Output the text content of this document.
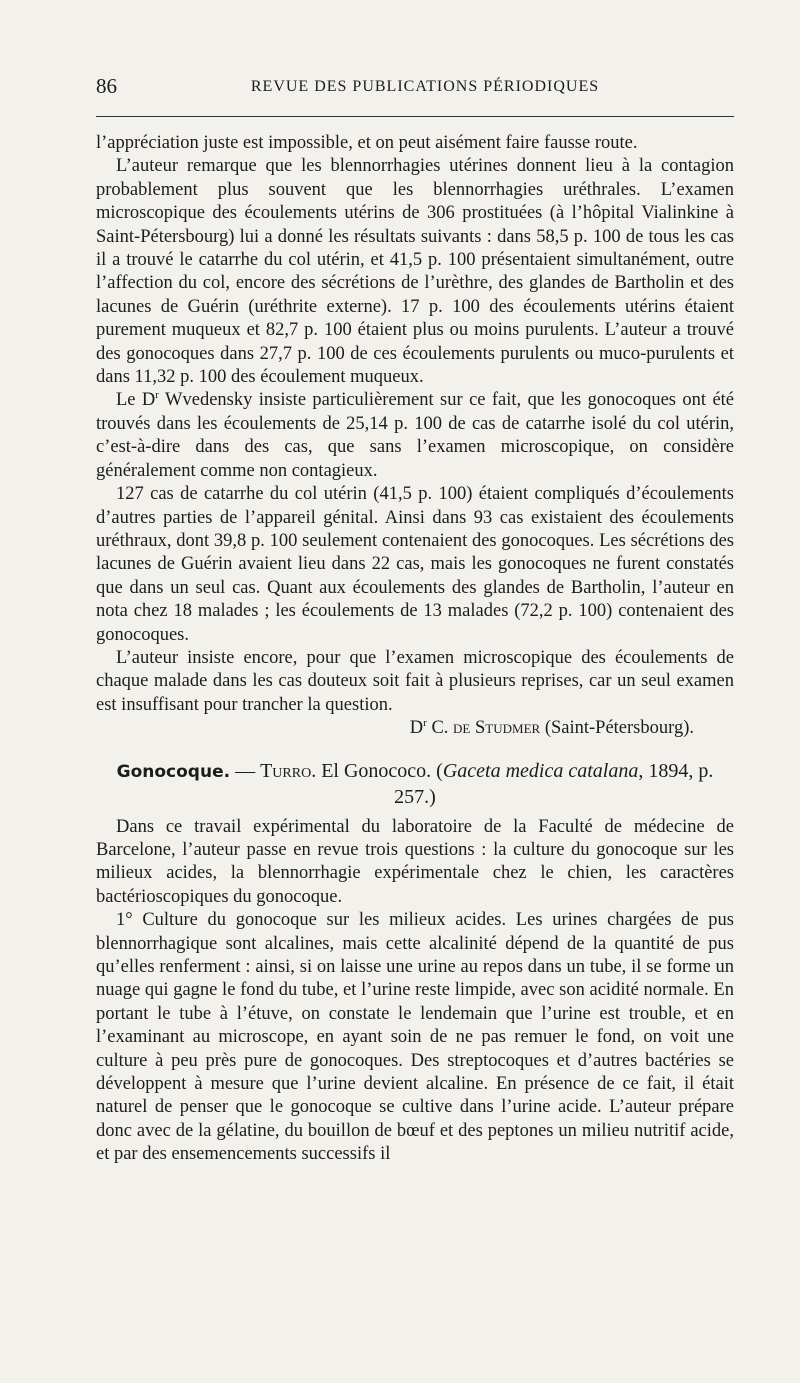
86	REVUE DES PUBLICATIONS PÉRIODIQUES

l’appréciation juste est impossible, et on peut aisément faire fausse route.

L’auteur remarque que les blennorrhagies utérines donnent lieu à la contagion probablement plus souvent que les blennorrhagies uréthrales. L’examen microscopique des écoulements utérins de 306 prostituées (à l’hôpital Vialinkine à Saint-Pétersbourg) lui a donné les résultats suivants : dans 58,5 p. 100 de tous les cas il a trouvé le catarrhe du col utérin, et 41,5 p. 100 présentaient simultanément, outre l’affection du col, encore des sécrétions de l’urèthre, des glandes de Bartholin et des lacunes de Guérin (uréthrite externe). 17 p. 100 des écoulements utérins étaient purement muqueux et 82,7 p. 100 étaient plus ou moins purulents. L’auteur a trouvé des gonocoques dans 27,7 p. 100 de ces écoulements purulents ou muco-purulents et dans 11,32 p. 100 des écoulement muqueux.

Le $D^r$ Wvedensky insiste particulièrement sur ce fait, que les gonocoques ont été trouvés dans les écoulements de 25,14 p. 100 de cas de catarrhe isolé du col utérin, c’est-à-dire dans des cas, que sans l’examen microscopique, on considère généralement comme non contagieux.

127 cas de catarrhe du col utérin (41,5 p. 100) étaient compliqués d’écoulements d’autres parties de l’appareil génital. Ainsi dans 93 cas existaient des écoulements uréthraux, dont 39,8 p. 100 seulement contenaient des gonocoques. Les sécrétions des lacunes de Guérin avaient lieu dans 22 cas, mais les gonocoques ne furent constatés que dans un seul cas. Quant aux écoulements des glandes de Bartholin, l’auteur en nota chez 18 malades ; les écoulements de 13 malades (72,2 p. 100) contenaient des gonocoques.

L’auteur insiste encore, pour que l’examen microscopique des écoulements de chaque malade dans les cas douteux soit fait à plusieurs reprises, car un seul examen est insuffisant pour trancher la question.

$D^r$ C. de Studmer (Saint-Pétersbourg).

Gonocoque. — Turro. El Gonococo. (Gaceta medica catalana, 1894, p. 257.)

Dans ce travail expérimental du laboratoire de la Faculté de médecine de Barcelone, l’auteur passe en revue trois questions : la culture du gonocoque sur les milieux acides, la blennorrhagie expérimentale chez le chien, les caractères bactérioscopiques du gonocoque.

1° Culture du gonocoque sur les milieux acides. Les urines chargées de pus blennorrhagique sont alcalines, mais cette alcalinité dépend de la quantité de pus qu’elles renferment : ainsi, si on laisse une urine au repos dans un tube, il se forme un nuage qui gagne le fond du tube, et l’urine reste limpide, avec son acidité normale. En portant le tube à l’étuve, on constate le lendemain que l’urine est trouble, et en l’examinant au microscope, en ayant soin de ne pas remuer le fond, on voit une culture à peu près pure de gonocoques. Des streptocoques et d’autres bactéries se développent à mesure que l’urine devient alcaline. En présence de ce fait, il était naturel de penser que le gonocoque se cultive dans l’urine acide. L’auteur prépare donc avec de la gélatine, du bouillon de bœuf et des peptones un milieu nutritif acide, et par des ensemencements successifs il
